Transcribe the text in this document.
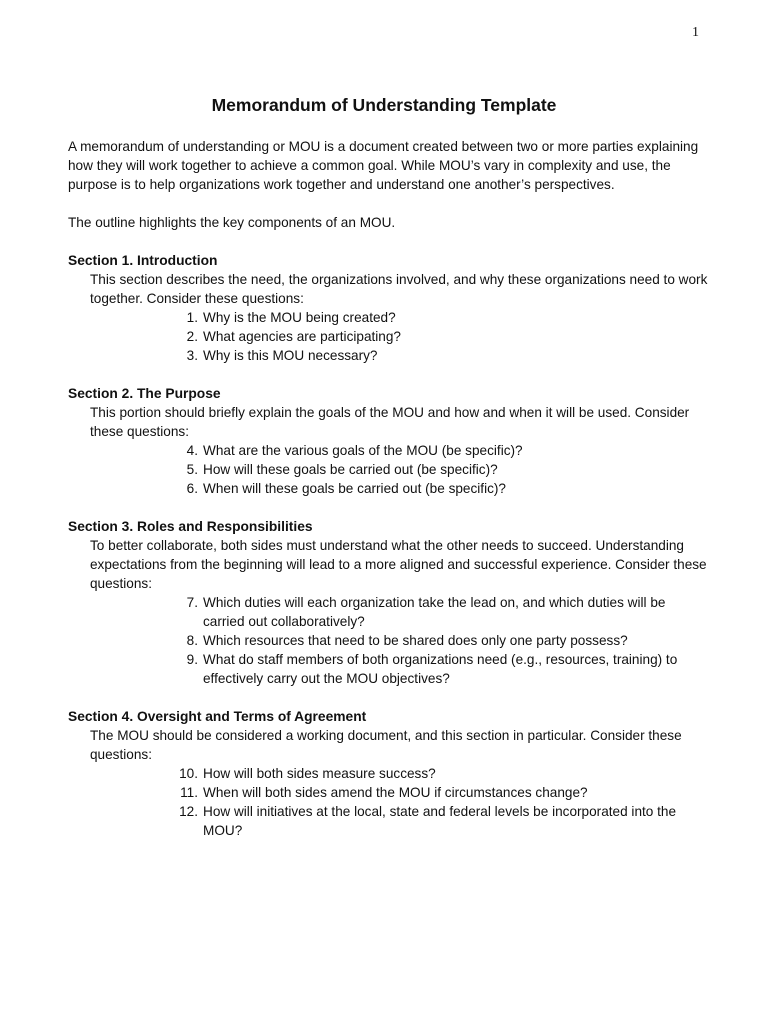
1
Memorandum of Understanding Template

A memorandum of understanding or MOU is a document created between two or more parties explaining how they will work together to achieve a common goal. While MOU’s vary in complexity and use, the purpose is to help organizations work together and understand one another’s perspectives.

The outline highlights the key components of an MOU.

Section 1. Introduction

This section describes the need, the organizations involved, and why these organizations need to work together. Consider these questions:

1. Why is the MOU being created?
2. What agencies are participating?
3. Why is this MOU necessary?

Section 2. The Purpose

This portion should briefly explain the goals of the MOU and how and when it will be used. Consider these questions:

4. What are the various goals of the MOU (be specific)?
5. How will these goals be carried out (be specific)?
6. When will these goals be carried out (be specific)?

Section 3. Roles and Responsibilities

To better collaborate, both sides must understand what the other needs to succeed. Understanding expectations from the beginning will lead to a more aligned and successful experience. Consider these questions:

7. Which duties will each organization take the lead on, and which duties will be carried out collaboratively?
8. Which resources that need to be shared does only one party possess?
9. What do staff members of both organizations need (e.g., resources, training) to effectively carry out the MOU objectives?

Section 4. Oversight and Terms of Agreement

The MOU should be considered a working document, and this section in particular. Consider these questions:

10. How will both sides measure success?
11. When will both sides amend the MOU if circumstances change?
12. How will initiatives at the local, state and federal levels be incorporated into the MOU?
